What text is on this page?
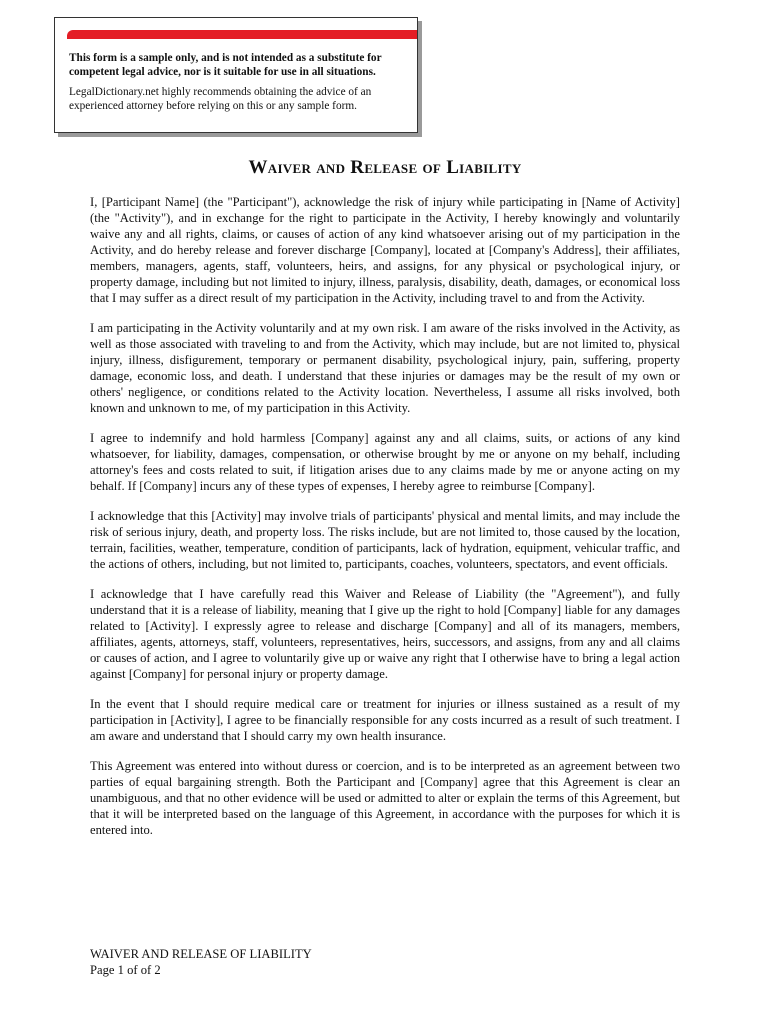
This form is a sample only, and is not intended as a substitute for competent legal advice, nor is it suitable for use in all situations.
LegalDictionary.net highly recommends obtaining the advice of an experienced attorney before relying on this or any sample form.
Waiver and Release of Liability

I, [Participant Name] (the "Participant"), acknowledge the risk of injury while participating in [Name of Activity] (the "Activity"), and in exchange for the right to participate in the Activity, I hereby knowingly and voluntarily waive any and all rights, claims, or causes of action of any kind whatsoever arising out of my participation in the Activity, and do hereby release and forever discharge [Company], located at [Company's Address], their affiliates, members, managers, agents, staff, volunteers, heirs, and assigns, for any physical or psychological injury, or property damage, including but not limited to injury, illness, paralysis, disability, death, damages, or economical loss that I may suffer as a direct result of my participation in the Activity, including travel to and from the Activity.

I am participating in the Activity voluntarily and at my own risk. I am aware of the risks involved in the Activity, as well as those associated with traveling to and from the Activity, which may include, but are not limited to, physical injury, illness, disfigurement, temporary or permanent disability, psychological injury, pain, suffering, property damage, economic loss, and death. I understand that these injuries or damages may be the result of my own or others' negligence, or conditions related to the Activity location. Nevertheless, I assume all risks involved, both known and unknown to me, of my participation in this Activity.

I agree to indemnify and hold harmless [Company] against any and all claims, suits, or actions of any kind whatsoever, for liability, damages, compensation, or otherwise brought by me or anyone on my behalf, including attorney's fees and costs related to suit, if litigation arises due to any claims made by me or anyone acting on my behalf. If [Company] incurs any of these types of expenses, I hereby agree to reimburse [Company].

I acknowledge that this [Activity] may involve trials of participants' physical and mental limits, and may include the risk of serious injury, death, and property loss. The risks include, but are not limited to, those caused by the location, terrain, facilities, weather, temperature, condition of participants, lack of hydration, equipment, vehicular traffic, and the actions of others, including, but not limited to, participants, coaches, volunteers, spectators, and event officials.

I acknowledge that I have carefully read this Waiver and Release of Liability (the "Agreement"), and fully understand that it is a release of liability, meaning that I give up the right to hold [Company] liable for any damages related to [Activity]. I expressly agree to release and discharge [Company] and all of its managers, members, affiliates, agents, attorneys, staff, volunteers, representatives, heirs, successors, and assigns, from any and all claims or causes of action, and I agree to voluntarily give up or waive any right that I otherwise have to bring a legal action against [Company] for personal injury or property damage.

In the event that I should require medical care or treatment for injuries or illness sustained as a result of my participation in [Activity], I agree to be financially responsible for any costs incurred as a result of such treatment. I am aware and understand that I should carry my own health insurance.

This Agreement was entered into without duress or coercion, and is to be interpreted as an agreement between two parties of equal bargaining strength. Both the Participant and [Company] agree that this Agreement is clear an unambiguous, and that no other evidence will be used or admitted to alter or explain the terms of this Agreement, but that it will be interpreted based on the language of this Agreement, in accordance with the purposes for which it is entered into.

WAIVER AND RELEASE OF LIABILITY
Page 1 of of 2
